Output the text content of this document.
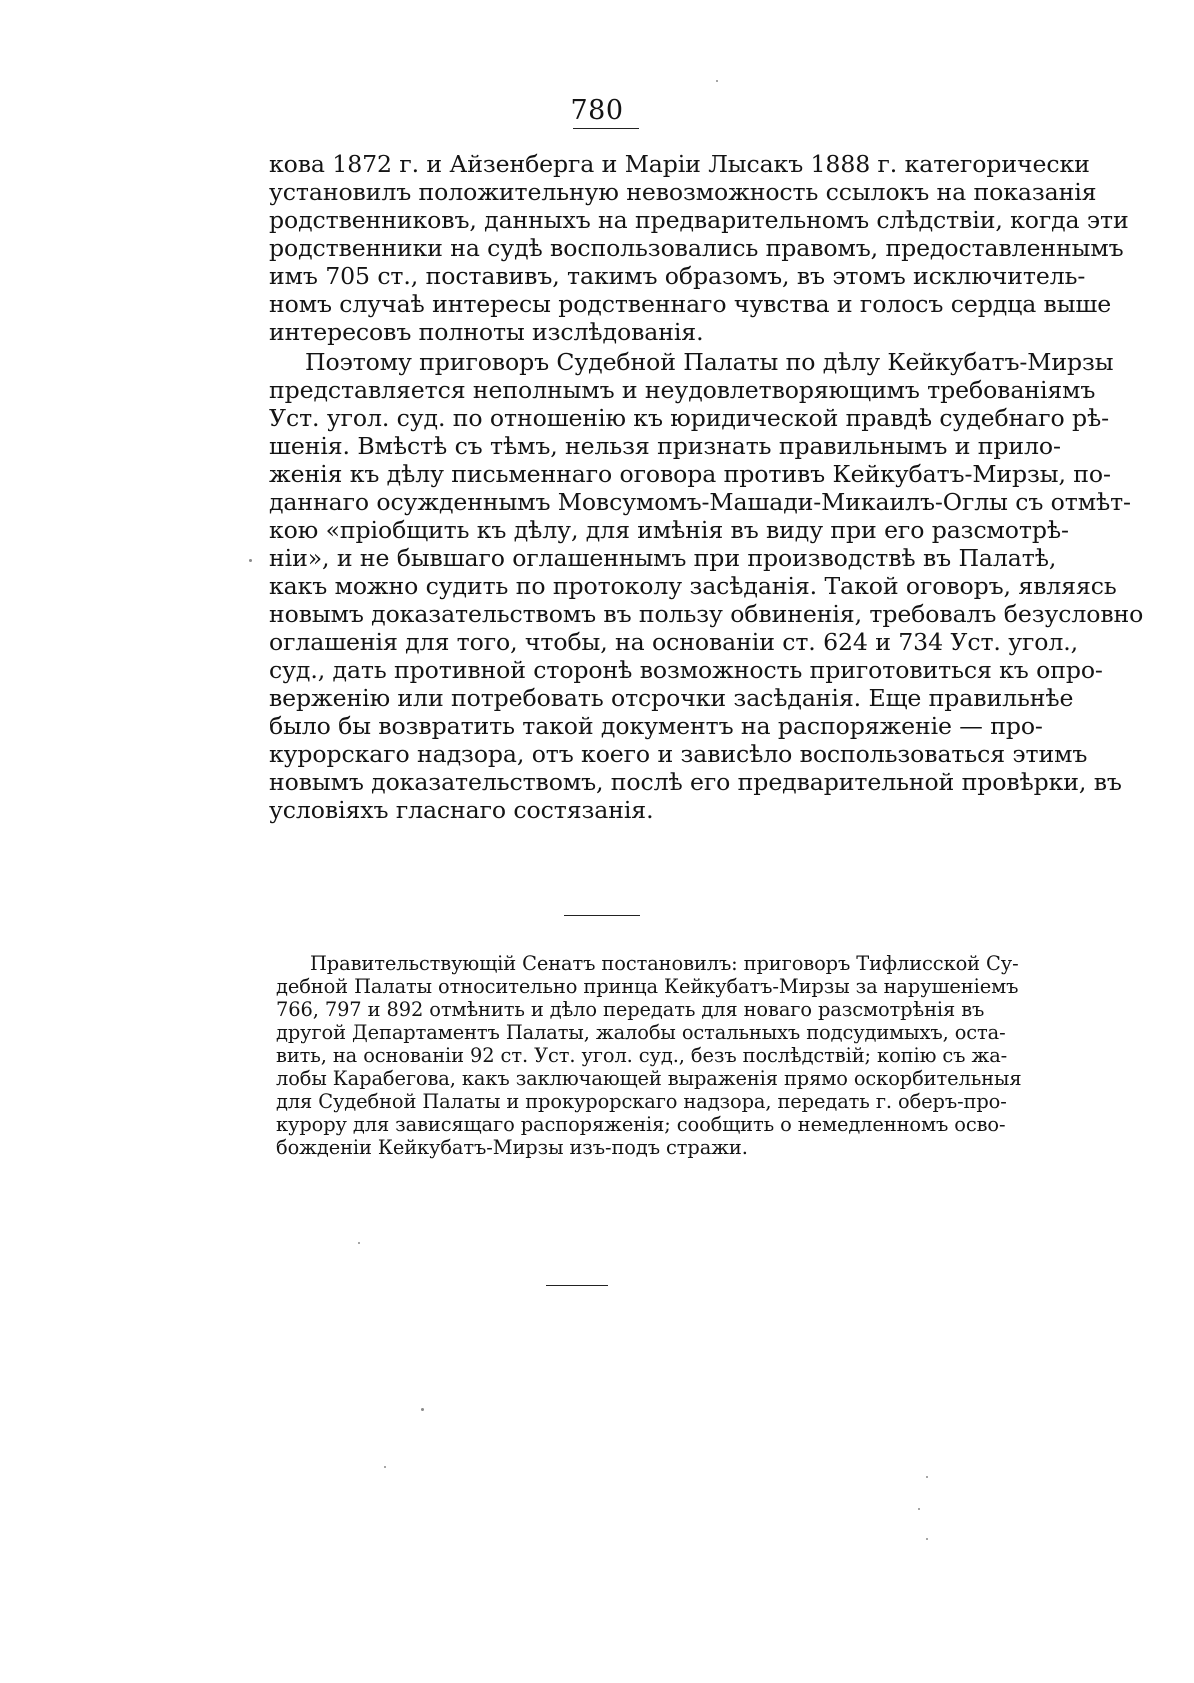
780
кова 1872 г. и Айзенберга и Маріи Лысакъ 1888 г. категорически
установилъ положительную невозможность ссылокъ на показанія
родственниковъ, данныхъ на предварительномъ слѣдствіи, когда эти
родственники на судѣ воспользовались правомъ, предоставленнымъ
имъ 705 ст., поставивъ, такимъ образомъ, въ этомъ исключитель-
номъ случаѣ интересы родственнаго чувства и голосъ сердца выше
интересовъ полноты изслѣдованія.
Поэтому приговоръ Судебной Палаты по дѣлу Кейкубатъ-Мирзы
представляется неполнымъ и неудовлетворяющимъ требованіямъ
Уст. угол. суд. по отношенію къ юридической правдѣ судебнаго рѣ-
шенія. Вмѣстѣ съ тѣмъ, нельзя признать правильнымъ и прило-
женія къ дѣлу письменнаго оговора противъ Кейкубатъ-Мирзы, по-
даннаго осужденнымъ Мовсумомъ-Машади-Микаилъ-Оглы съ отмѣт-
кою «пріобщить къ дѣлу, для имѣнія въ виду при его разсмотрѣ-
ніи», и не бывшаго оглашеннымъ при производствѣ въ Палатѣ,
какъ можно судить по протоколу засѣданія. Такой оговоръ, являясь
новымъ доказательствомъ въ пользу обвиненія, требовалъ безусловно
оглашенія для того, чтобы, на основаніи ст. 624 и 734 Уст. угол.,
суд., дать противной сторонѣ возможность приготовиться къ опро-
верженію или потребовать отсрочки засѣданія. Еще правильнѣе
было бы возвратить такой документъ на распоряженіе — про-
курорскаго надзора, отъ коего и зависѣло воспользоваться этимъ
новымъ доказательствомъ, послѣ его предварительной провѣрки, въ
условіяхъ гласнаго состязанія.
Правительствующій Сенатъ постановилъ: приговоръ Тифлисской Су-
дебной Палаты относительно принца Кейкубатъ-Мирзы за нарушеніемъ
766, 797 и 892 отмѣнить и дѣло передать для новаго разсмотрѣнія въ
другой Департаментъ Палаты, жалобы остальныхъ подсудимыхъ, оста-
вить, на основаніи 92 ст. Уст. угол. суд., безъ послѣдствій; копію съ жа-
лобы Карабегова, какъ заключающей выраженія прямо оскорбительныя
для Судебной Палаты и прокурорскаго надзора, передать г. оберъ-про-
курору для зависящаго распоряженія; сообщить о немедленномъ осво-
божденіи Кейкубатъ-Мирзы изъ-подъ стражи.
